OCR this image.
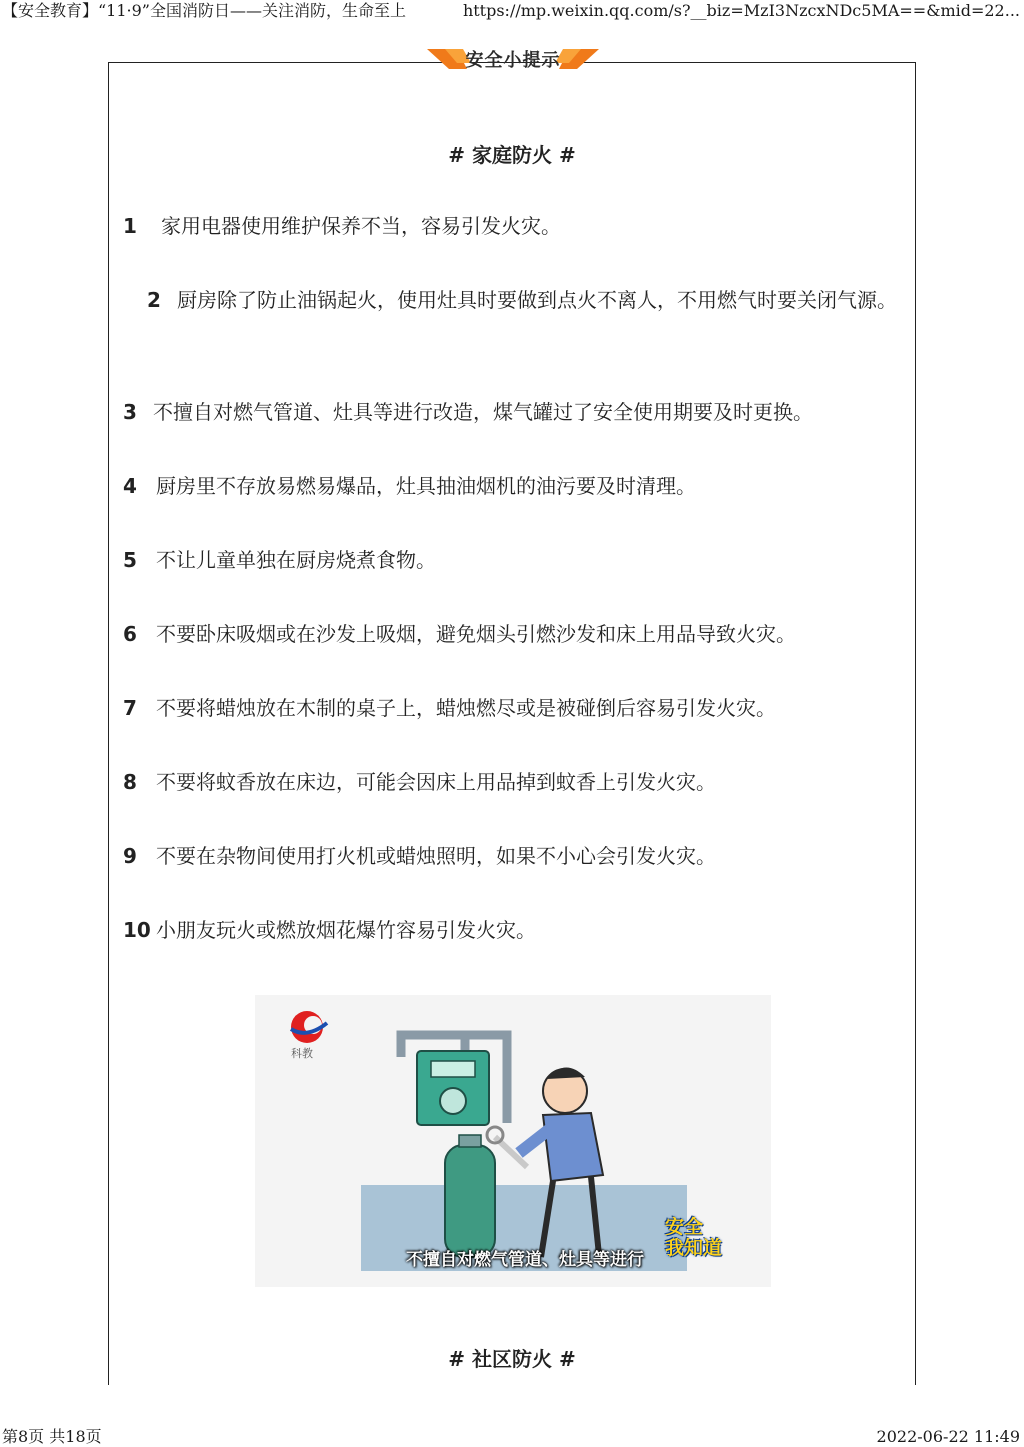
【安全教育】“11·9”全国消防日——关注消防，生命至上	https://mp.weixin.qq.com/s?__biz=MzI3NzcxNDc5MA==&mid=22...
安全小提示
# 家庭防火 #
1 家用电器使用维护保养不当，容易引发火灾。
2 厨房除了防止油锅起火，使用灶具时要做到点火不离人，不用燃气时要关闭气源。
3 不擅自对燃气管道、灶具等进行改造，煤气罐过了安全使用期要及时更换。
4 厨房里不存放易燃易爆品，灶具抽油烟机的油污要及时清理。
5 不让儿童单独在厨房烧煮食物。
6 不要卧床吸烟或在沙发上吸烟，避免烟头引燃沙发和床上用品导致火灾。
7 不要将蜡烛放在木制的桌子上，蜡烛燃尽或是被碰倒后容易引发火灾。
8 不要将蚊香放在床边，可能会因床上用品掉到蚊香上引发火灾。
9 不要在杂物间使用打火机或蜡烛照明，如果不小心会引发火灾。
10 小朋友玩火或燃放烟花爆竹容易引发火灾。
科教
不擅自对燃气管道、灶具等进行
安全
我知道
# 社区防火 #
第8页 共18页	2022-06-22 11:49
